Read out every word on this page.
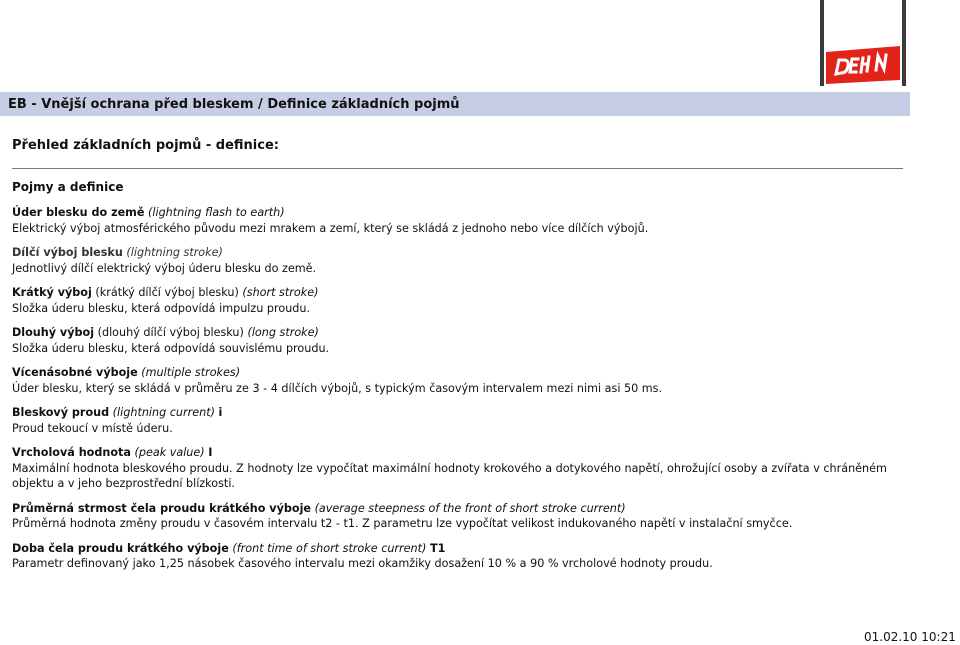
EB - Vnější ochrana před bleskem / Definice základních pojmů
Přehled základních pojmů - definice:
Pojmy a definice
Úder blesku do země (lightning flash to earth)
Elektrický výboj atmosférického původu mezi mrakem a zemí, který se skládá z jednoho nebo více dílčích výbojů.
Dílčí výboj blesku (lightning stroke)
Jednotlivý dílčí elektrický výboj úderu blesku do země.
Krátký výboj (krátký dílčí výboj blesku) (short stroke)
Složka úderu blesku, která odpovídá impulzu proudu.
Dlouhý výboj (dlouhý dílčí výboj blesku) (long stroke)
Složka úderu blesku, která odpovídá souvislému proudu.
Vícenásobné výboje (multiple strokes)
Úder blesku, který se skládá v průměru ze 3 - 4 dílčích výbojů, s typickým časovým intervalem mezi nimi asi 50 ms.
Bleskový proud (lightning current) i
Proud tekoucí v místě úderu.
Vrcholová hodnota (peak value) I
Maximální hodnota bleskového proudu. Z hodnoty lze vypočítat maximální hodnoty krokového a dotykového napětí, ohrožující osoby a zvířata v chráněném objektu a v jeho bezprostřední blízkosti.
Průměrná strmost čela proudu krátkého výboje (average steepness of the front of short stroke current)
Průměrná hodnota změny proudu v časovém intervalu t2 - t1. Z parametru lze vypočítat velikost indukovaného napětí v instalační smyčce.
Doba čela proudu krátkého výboje (front time of short stroke current) T1
Parametr definovaný jako 1,25 násobek časového intervalu mezi okamžiky dosažení 10 % a 90 % vrcholové hodnoty proudu.
01.02.10 10:21
